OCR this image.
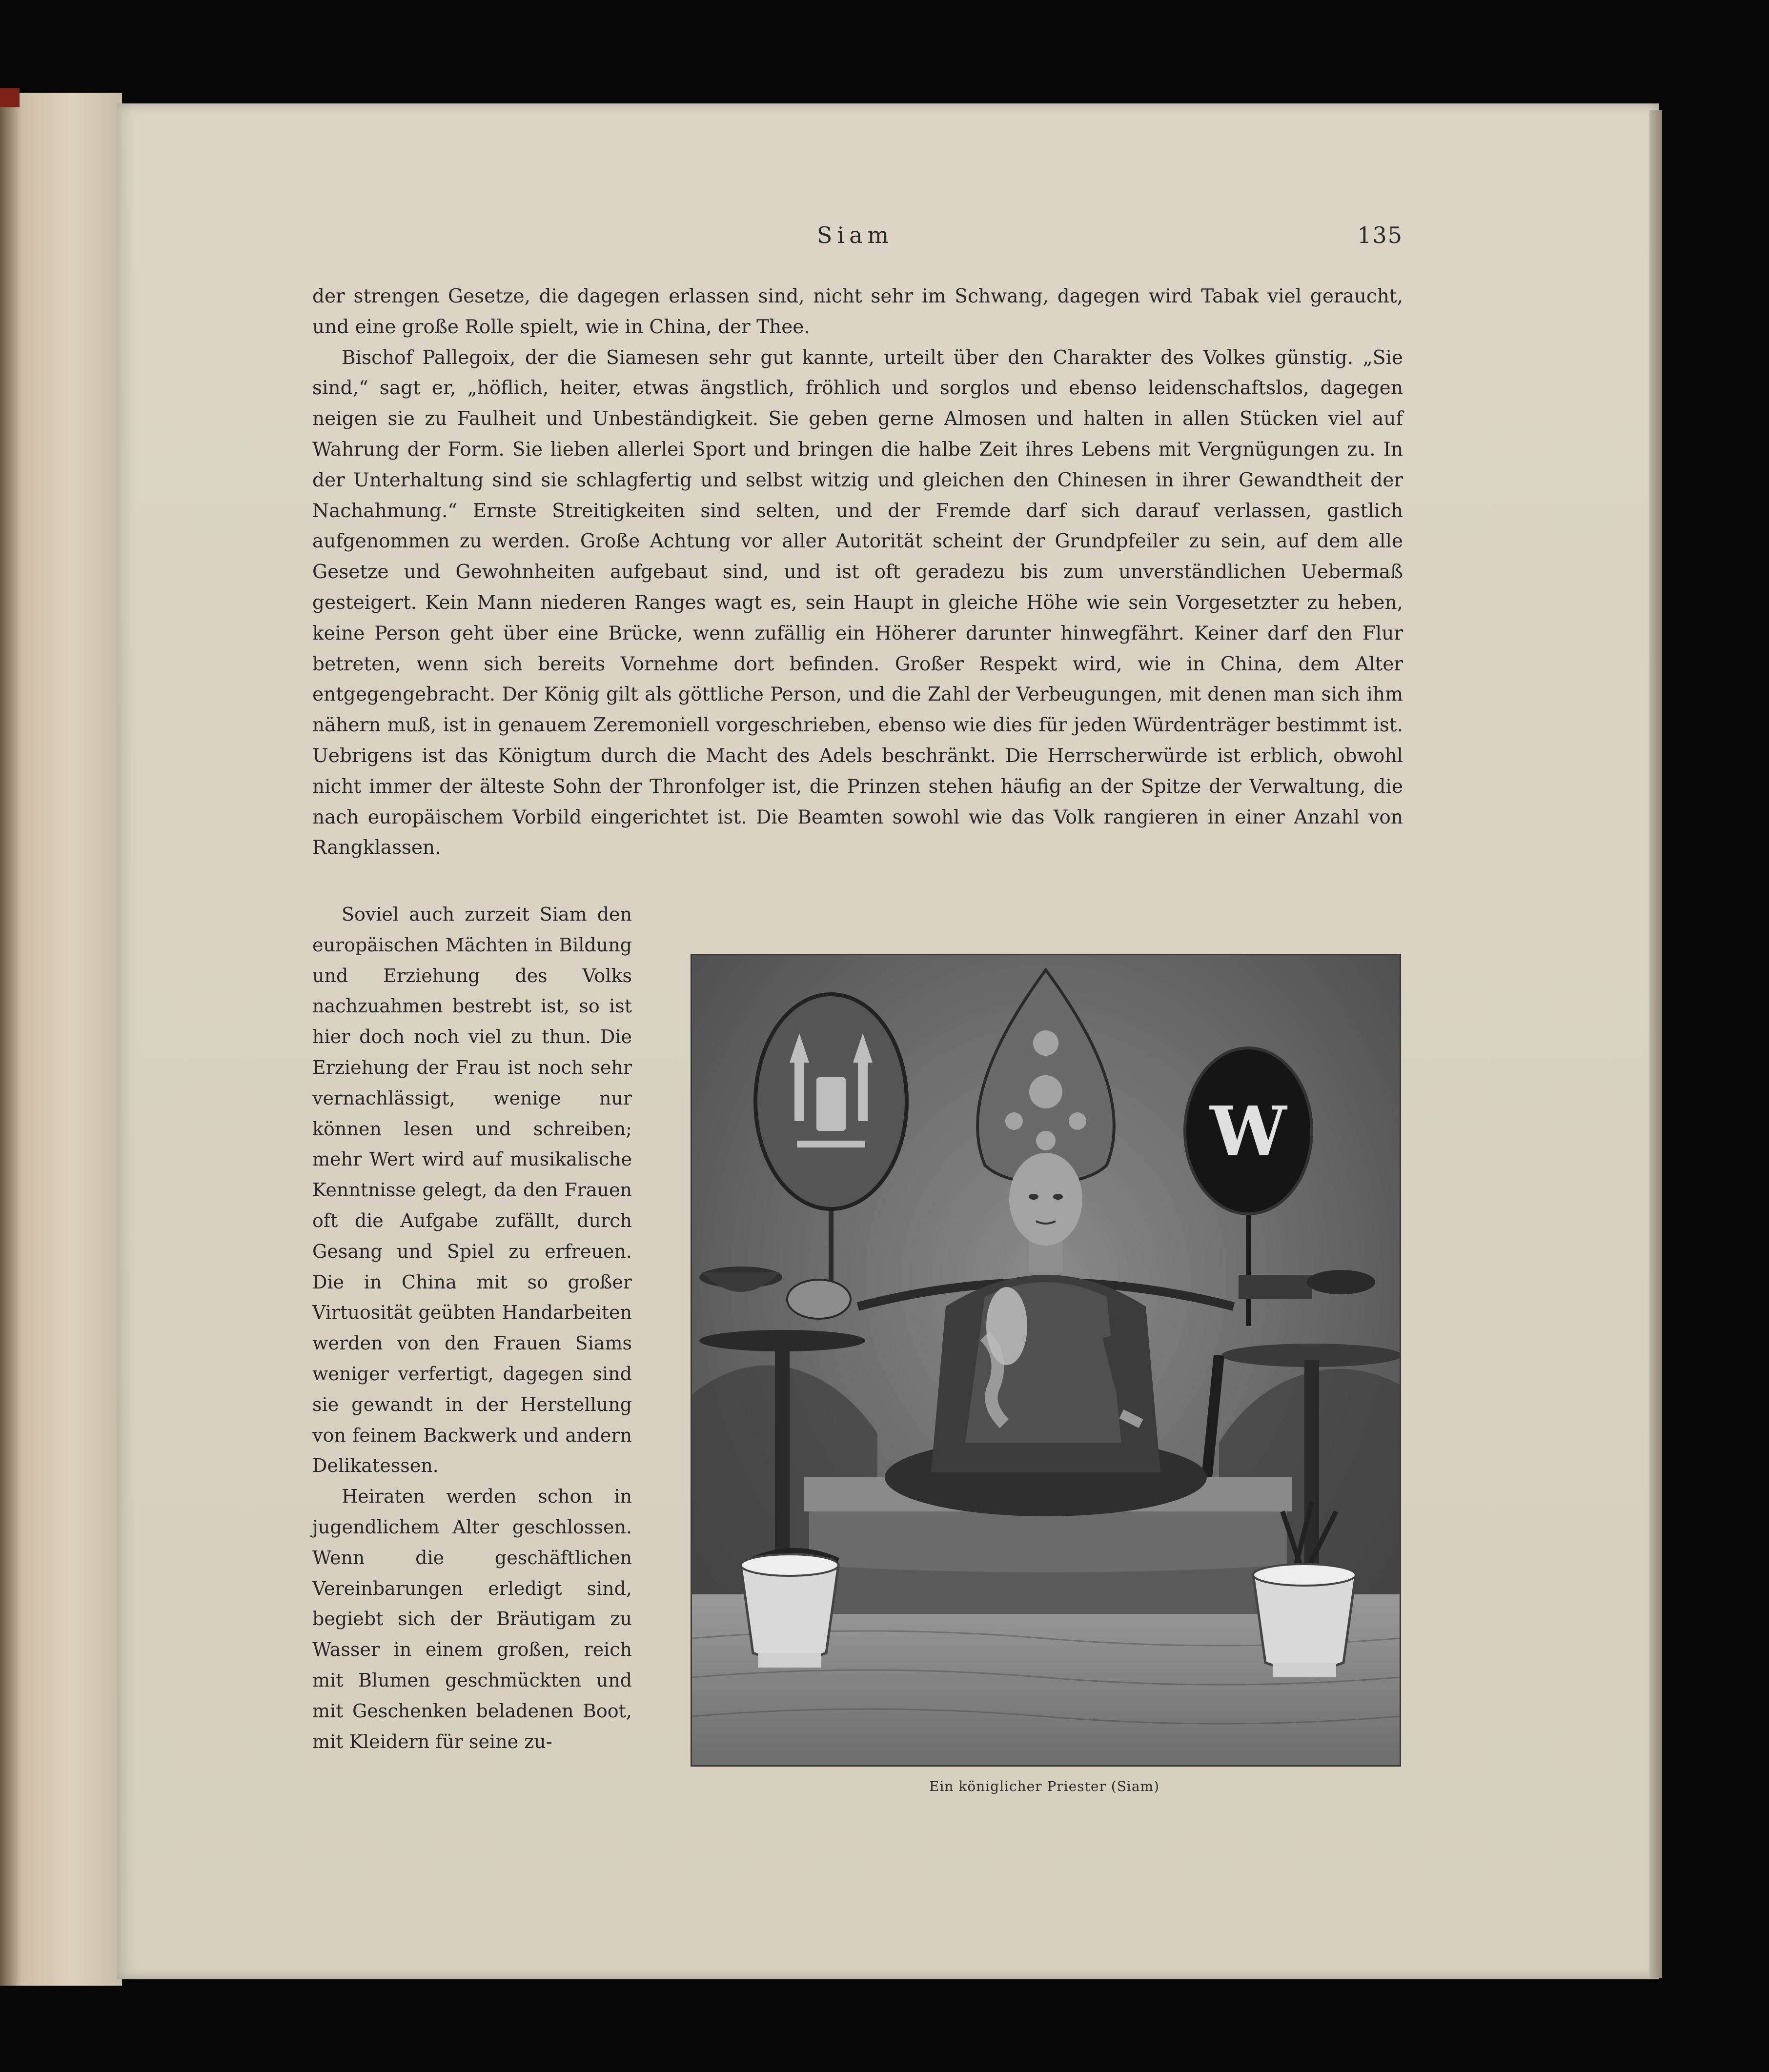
Siam	135

der strengen Gesetze, die dagegen erlassen sind, nicht sehr im Schwang, dagegen wird Tabak viel geraucht, und eine große Rolle spielt, wie in China, der Thee.

Bischof Pallegoix, der die Siamesen sehr gut kannte, urteilt über den Charakter des Volkes günstig. „Sie sind,“ sagt er, „höflich, heiter, etwas ängstlich, fröhlich und sorglos und ebenso leidenschaftslos, dagegen neigen sie zu Faulheit und Unbeständigkeit. Sie geben gerne Almosen und halten in allen Stücken viel auf Wahrung der Form. Sie lieben allerlei Sport und bringen die halbe Zeit ihres Lebens mit Vergnügungen zu. In der Unterhaltung sind sie schlagfertig und selbst witzig und gleichen den Chinesen in ihrer Gewandtheit der Nachahmung.“ Ernste Streitigkeiten sind selten, und der Fremde darf sich darauf verlassen, gastlich aufgenommen zu werden. Große Achtung vor aller Autorität scheint der Grundpfeiler zu sein, auf dem alle Gesetze und Gewohnheiten aufgebaut sind, und ist oft geradezu bis zum unverständlichen Uebermaß gesteigert. Kein Mann niederen Ranges wagt es, sein Haupt in gleiche Höhe wie sein Vorgesetzter zu heben, keine Person geht über eine Brücke, wenn zufällig ein Höherer darunter hinwegfährt. Keiner darf den Flur betreten, wenn sich bereits Vornehme dort befinden. Großer Respekt wird, wie in China, dem Alter entgegengebracht. Der König gilt als göttliche Person, und die Zahl der Verbeugungen, mit denen man sich ihm nähern muß, ist in genauem Zeremoniell vorgeschrieben, ebenso wie dies für jeden Würdenträger bestimmt ist. Uebrigens ist das Königtum durch die Macht des Adels beschränkt. Die Herrscherwürde ist erblich, obwohl nicht immer der älteste Sohn der Thronfolger ist, die Prinzen stehen häufig an der Spitze der Verwaltung, die nach europäischem Vorbild eingerichtet ist. Die Beamten sowohl wie das Volk rangieren in einer Anzahl von Rangklassen.

Soviel auch zurzeit Siam den europäischen Mächten in Bildung und Erziehung des Volks nachzuahmen bestrebt ist, so ist hier doch noch viel zu thun. Die Erziehung der Frau ist noch sehr vernachlässigt, wenige nur können lesen und schreiben; mehr Wert wird auf musikalische Kenntnisse gelegt, da den Frauen oft die Aufgabe zufällt, durch Gesang und Spiel zu erfreuen. Die in China mit so großer Virtuosität geübten Handarbeiten werden von den Frauen Siams weniger verfertigt, dagegen sind sie gewandt in der Herstellung von feinem Backwerk und andern Delikatessen.

Heiraten werden schon in jugendlichem Alter geschlossen. Wenn die geschäftlichen Vereinbarungen erledigt sind, begiebt sich der Bräutigam zu Wasser in einem großen, reich mit Blumen geschmückten und mit Geschenken beladenen Boot, mit Kleidern für seine zu-

W
Ein königlicher Priester (Siam)
